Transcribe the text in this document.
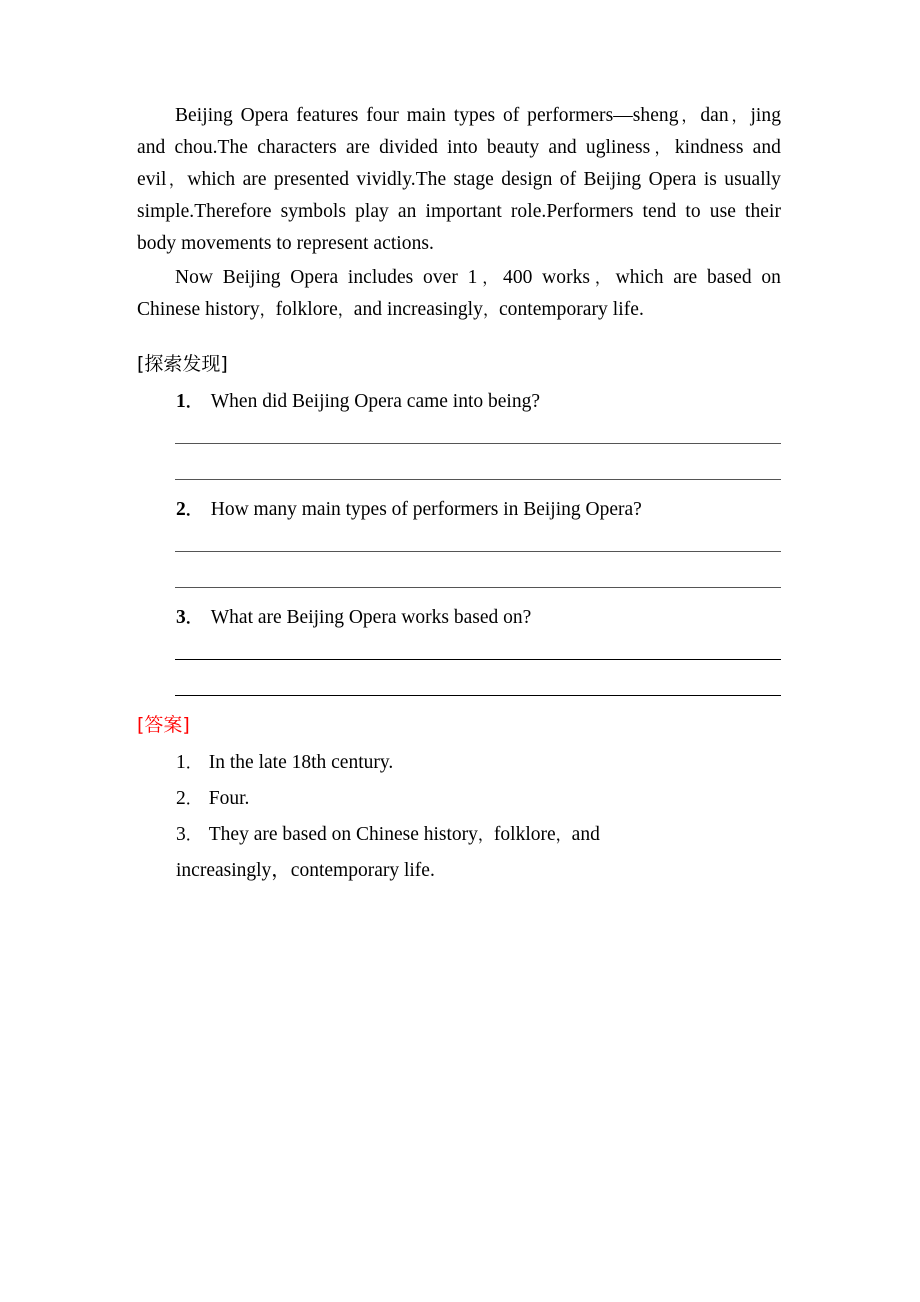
Beijing Opera features four main types of performers—sheng，dan，jing and chou.The characters are divided into beauty and ugliness，kindness and evil，which are presented vividly.The stage design of Beijing Opera is usually simple.Therefore symbols play an important role.Performers tend to use their body movements to represent actions.

Now Beijing Opera includes over 1，400 works，which are based on Chinese history，folklore，and increasingly，contemporary life.

[探索发现]
1． When did Beijing Opera came into being?
2． How many main types of performers in Beijing Opera?
3． What are Beijing Opera works based on?
[答案]
1． In the late 18th century.
2． Four.
3． They are based on Chinese history，folklore，and
increasingly，contemporary life.
